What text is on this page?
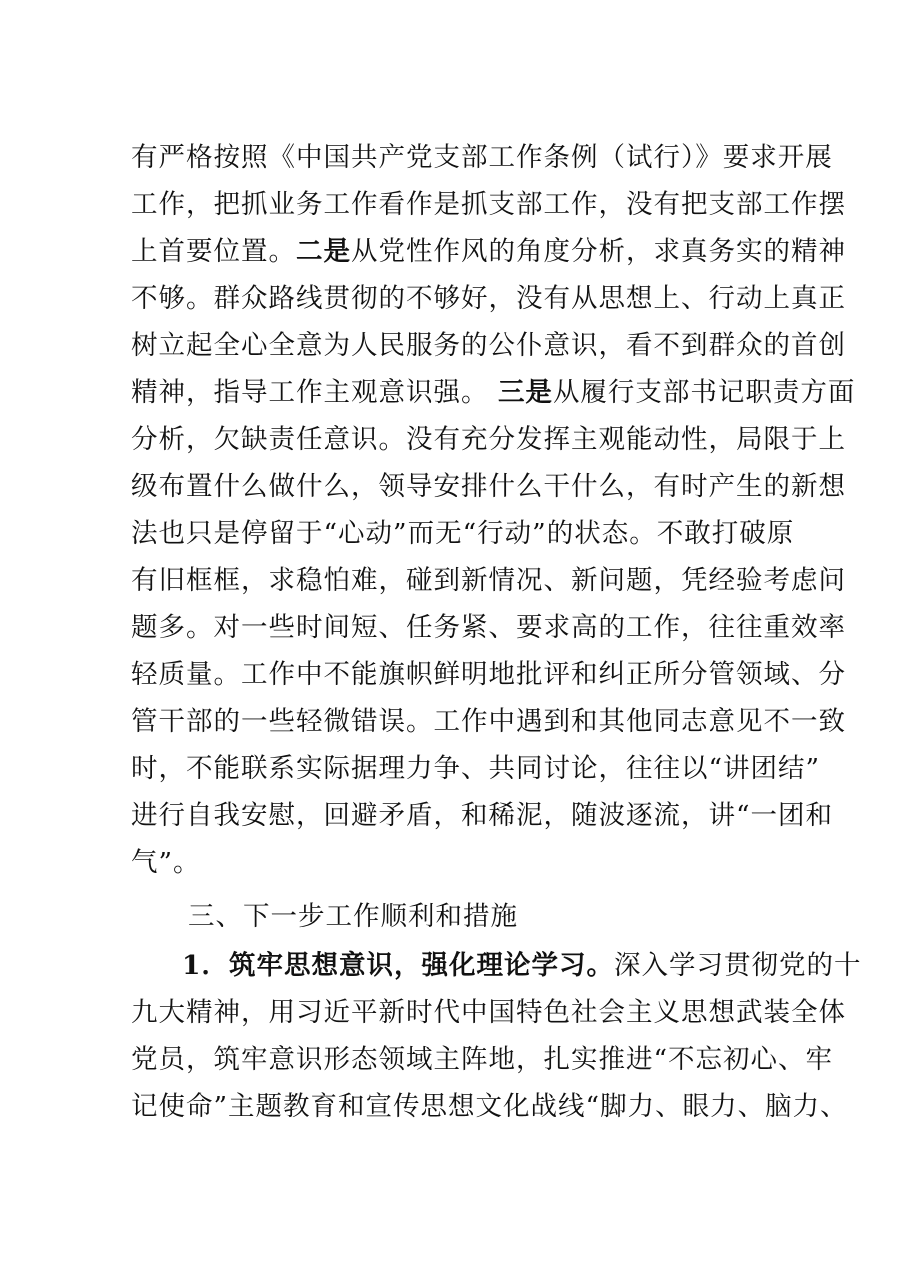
有严格按照《中国共产党支部工作条例（试行）》要求开展
工作，把抓业务工作看作是抓支部工作，没有把支部工作摆
上首要位置。二是从党性作风的角度分析，求真务实的精神
不够。群众路线贯彻的不够好，没有从思想上、行动上真正
树立起全心全意为人民服务的公仆意识，看不到群众的首创
精神，指导工作主观意识强。 三是从履行支部书记职责方面
分析，欠缺责任意识。没有充分发挥主观能动性，局限于上
级布置什么做什么，领导安排什么干什么，有时产生的新想
法也只是停留于“心动”而无“行动”的状态。不敢打破原
有旧框框，求稳怕难，碰到新情况、新问题，凭经验考虑问
题多。对一些时间短、任务紧、要求高的工作，往往重效率
轻质量。工作中不能旗帜鲜明地批评和纠正所分管领域、分
管干部的一些轻微错误。工作中遇到和其他同志意见不一致
时，不能联系实际据理力争、共同讨论，往往以“讲团结”
进行自我安慰，回避矛盾，和稀泥，随波逐流，讲“一团和
气”。
三、下一步工作顺利和措施
1．筑牢思想意识，强化理论学习。深入学习贯彻党的十
九大精神，用习近平新时代中国特色社会主义思想武装全体
党员，筑牢意识形态领域主阵地，扎实推进“不忘初心、牢
记使命”主题教育和宣传思想文化战线“脚力、眼力、脑力、
